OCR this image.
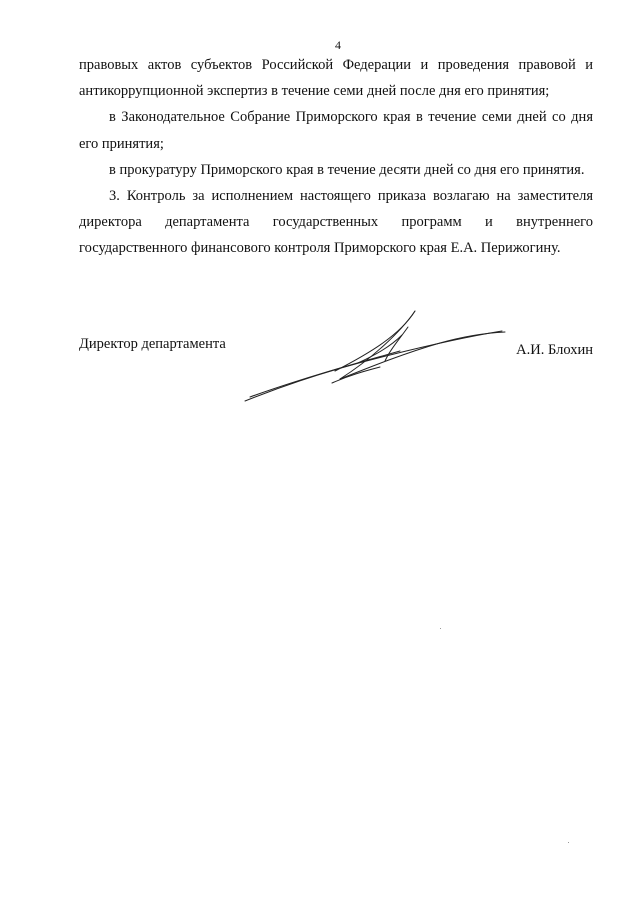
4

правовых актов субъектов Российской Федерации и проведения правовой и антикоррупционной экспертиз в течение семи дней после дня его принятия;

в Законодательное Собрание Приморского края в течение семи дней со дня его принятия;

в прокуратуру Приморского края в течение десяти дней со дня его принятия.

3. Контроль за исполнением настоящего приказа возлагаю на заместителя директора департамента государственных программ и внутреннего государственного финансового контроля Приморского края Е.А. Перижогину.

Директор департамента	А.И. Блохин
